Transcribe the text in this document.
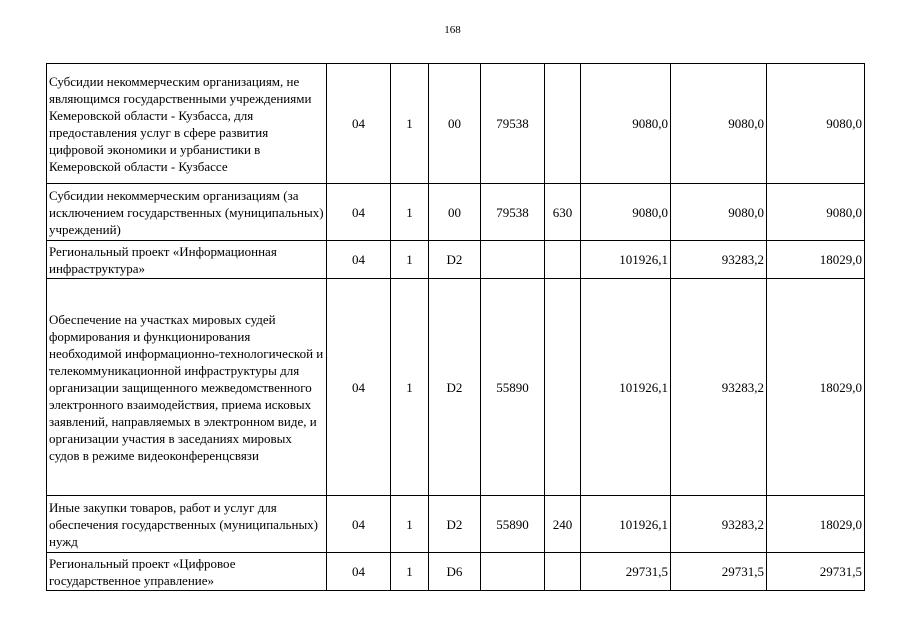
168
Субсидии некоммерческим организациям, не являющимся государственными учреждениями Кемеровской области - Кузбасса, для предоставления услуг в сфере развития цифровой экономики и урбанистики в Кемеровской области - Кузбассе	04	1	00	79538		9080,0	9080,0	9080,0
Субсидии некоммерческим организациям (за исключением государственных (муниципальных) учреждений)	04	1	00	79538	630	9080,0	9080,0	9080,0
Региональный проект «Информационная инфраструктура»	04	1	D2			101926,1	93283,2	18029,0
Обеспечение на участках мировых судей формирования и функционирования необходимой информационно-технологической и телекоммуникационной инфраструктуры для организации защищенного межведомственного электронного взаимодействия, приема исковых заявлений, направляемых в электронном виде, и организации участия в заседаниях мировых судов в режиме видеоконференцсвязи	04	1	D2	55890		101926,1	93283,2	18029,0
Иные закупки товаров, работ и услуг для обеспечения государственных (муниципальных) нужд	04	1	D2	55890	240	101926,1	93283,2	18029,0
Региональный проект «Цифровое государственное управление»	04	1	D6			29731,5	29731,5	29731,5
